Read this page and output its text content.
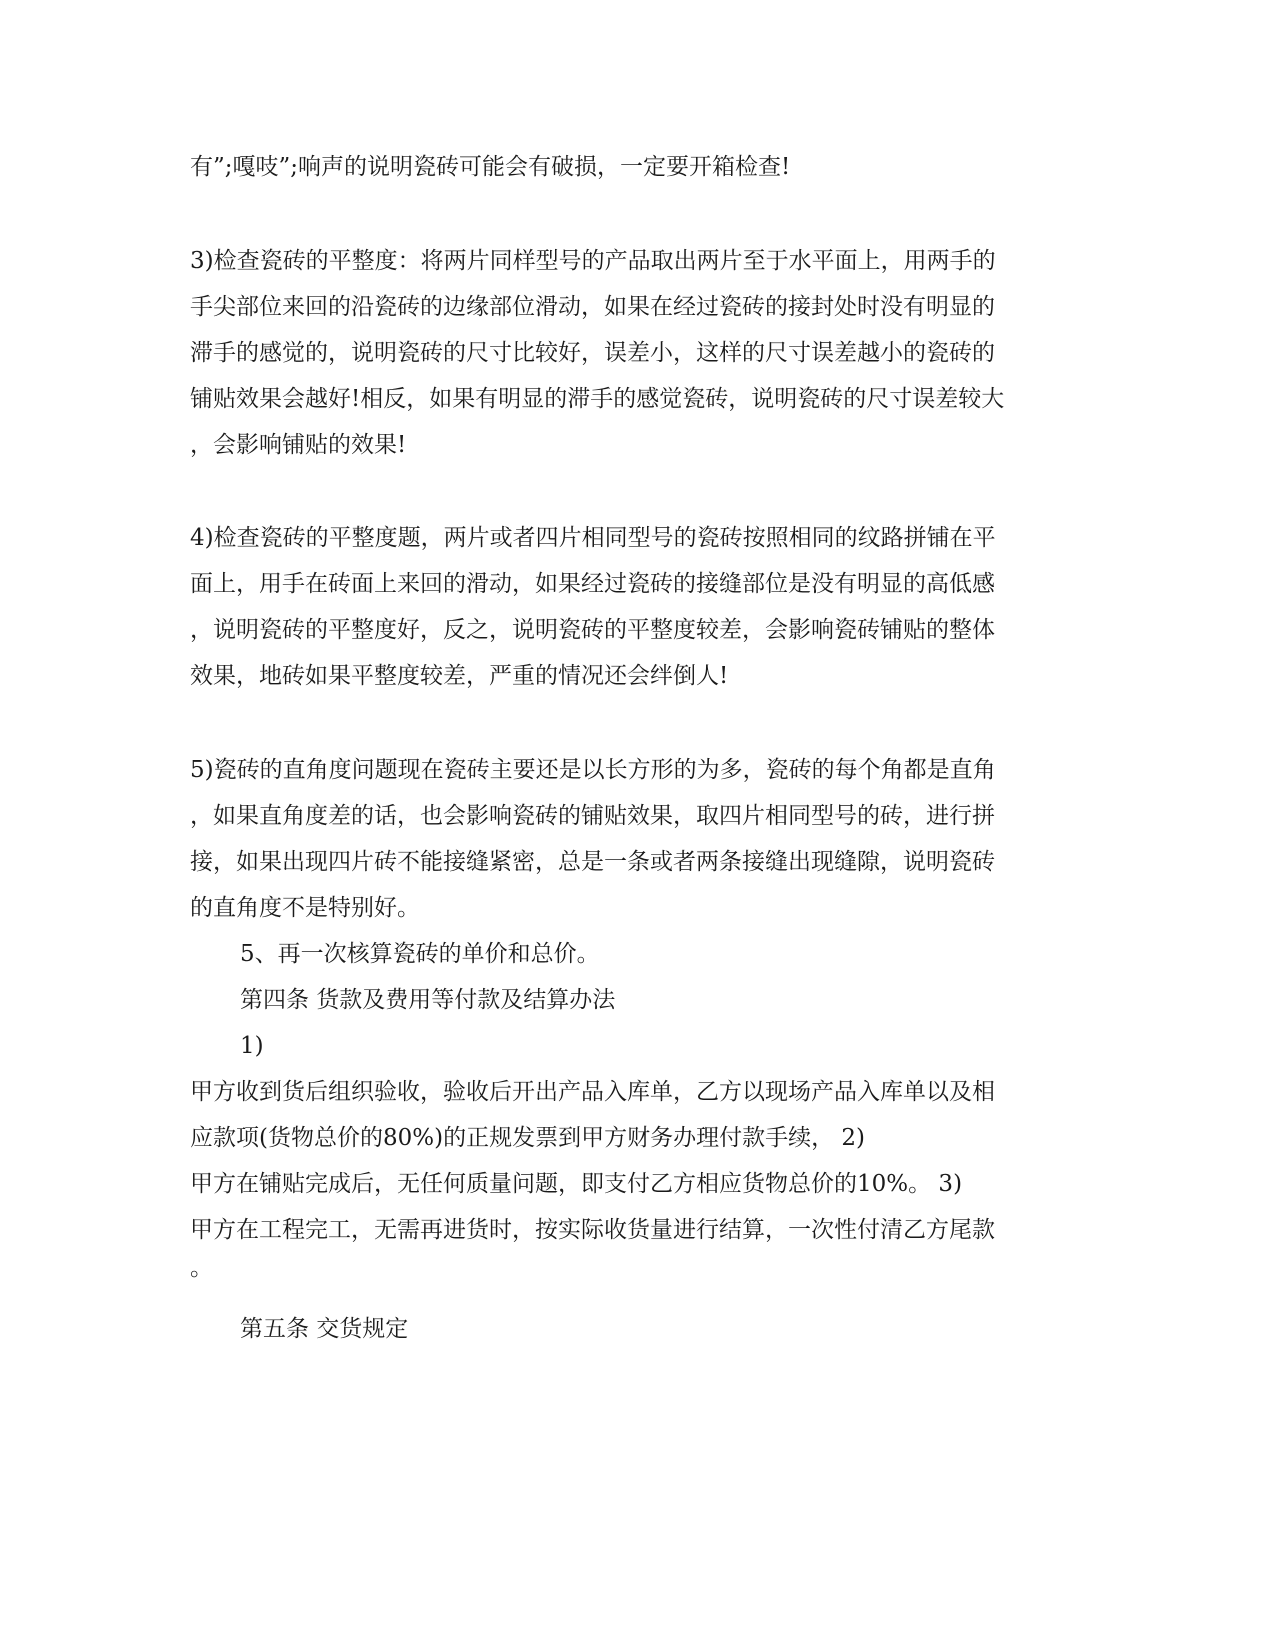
有”;嘎吱”;响声的说明瓷砖可能会有破损，一定要开箱检查!

3)检查瓷砖的平整度：将两片同样型号的产品取出两片至于水平面上，用两手的

手尖部位来回的沿瓷砖的边缘部位滑动，如果在经过瓷砖的接封处时没有明显的

滞手的感觉的，说明瓷砖的尺寸比较好，误差小，这样的尺寸误差越小的瓷砖的

铺贴效果会越好!相反，如果有明显的滞手的感觉瓷砖，说明瓷砖的尺寸误差较大

，会影响铺贴的效果!

4)检查瓷砖的平整度题，两片或者四片相同型号的瓷砖按照相同的纹路拼铺在平

面上，用手在砖面上来回的滑动，如果经过瓷砖的接缝部位是没有明显的高低感

，说明瓷砖的平整度好，反之，说明瓷砖的平整度较差，会影响瓷砖铺贴的整体

效果，地砖如果平整度较差，严重的情况还会绊倒人!

5)瓷砖的直角度问题现在瓷砖主要还是以长方形的为多，瓷砖的每个角都是直角

，如果直角度差的话，也会影响瓷砖的铺贴效果，取四片相同型号的砖，进行拼

接，如果出现四片砖不能接缝紧密，总是一条或者两条接缝出现缝隙，说明瓷砖

的直角度不是特别好。

5、再一次核算瓷砖的单价和总价。

第四条 货款及费用等付款及结算办法

1)

甲方收到货后组织验收，验收后开出产品入库单，乙方以现场产品入库单以及相

应款项(货物总价的80%)的正规发票到甲方财务办理付款手续， 2)

甲方在铺贴完成后，无任何质量问题，即支付乙方相应货物总价的10%。 3)

甲方在工程完工，无需再进货时，按实际收货量进行结算，一次性付清乙方尾款

。

第五条 交货规定
